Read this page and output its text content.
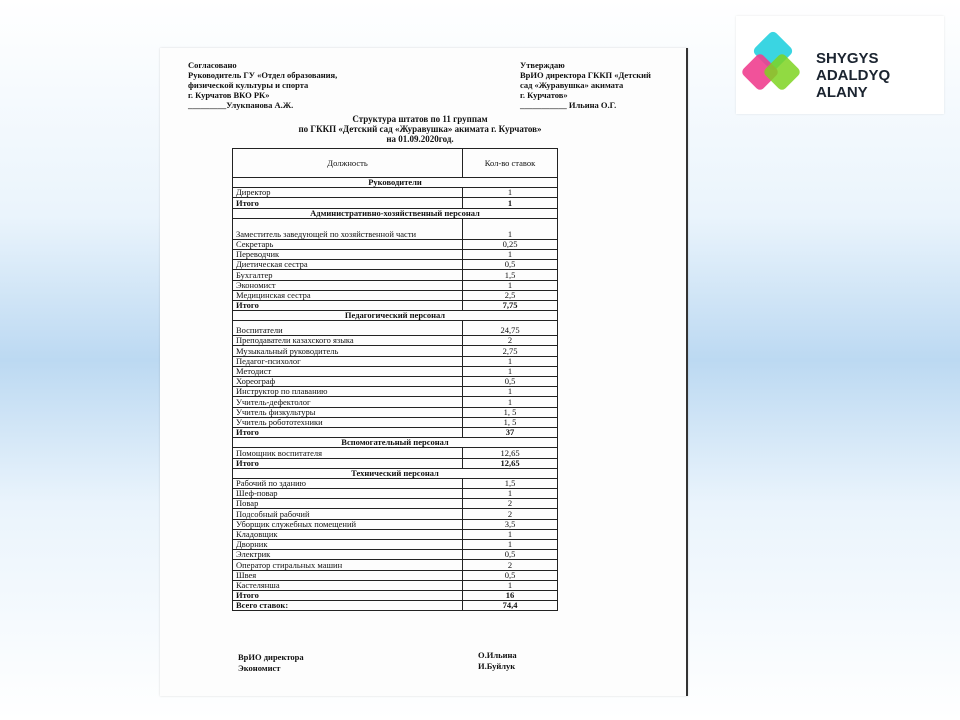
Согласовано
Руководитель ГУ «Отдел образования,
физической культуры и спорта
г. Курчатов ВКО РК»
_________Улукпанова А.Ж.
Утверждаю
ВрИО директора ГККП «Детский
сад «Журавушка» акимата
г. Курчатов»
___________ Ильина О.Г.
Структура штатов по 11 группам
по ГККП «Детский сад «Журавушка» акимата г. Курчатов»
на 01.09.2020год.
Должность	Кол-во ставок
Руководители	
Директор	1
Итого	1
Административно-хозяйственный персонал	
Заместитель заведующей по хозяйственной части	1
Секретарь	0,25
Переводчик	1
Диетическая сестра	0,5
Бухгалтер	1,5
Экономист	1
Медицинская сестра	2,5
Итого	7,75
Педагогический персонал	
Воспитатели	24,75
Преподаватели казахского языка	2
Музыкальный руководитель	2,75
Педагог-психолог	1
Методист	1
Хореограф	0,5
Инструктор по плаванию	1
Учитель-дефектолог	1
Учитель физкультуры	1, 5
Учитель робототехники	1, 5
Итого	37
Вспомогательный персонал	
Помощник воспитателя	12,65
Итого	12,65
Технический персонал	
Рабочий по зданию	1,5
Шеф-повар	1
Повар	2
Подсобный рабочий	2
Уборщик служебных помещений	3,5
Кладовщик	1
Дворник	1
Электрик	0,5
Оператор стиральных машин	2
Швея	0,5
Кастелянша	1
Итого	16
Всего ставок:	74,4
ВрИО директора
Экономист
О.Ильина
И.Буйлук
SHYGYS
ADALDYQ ALANY
